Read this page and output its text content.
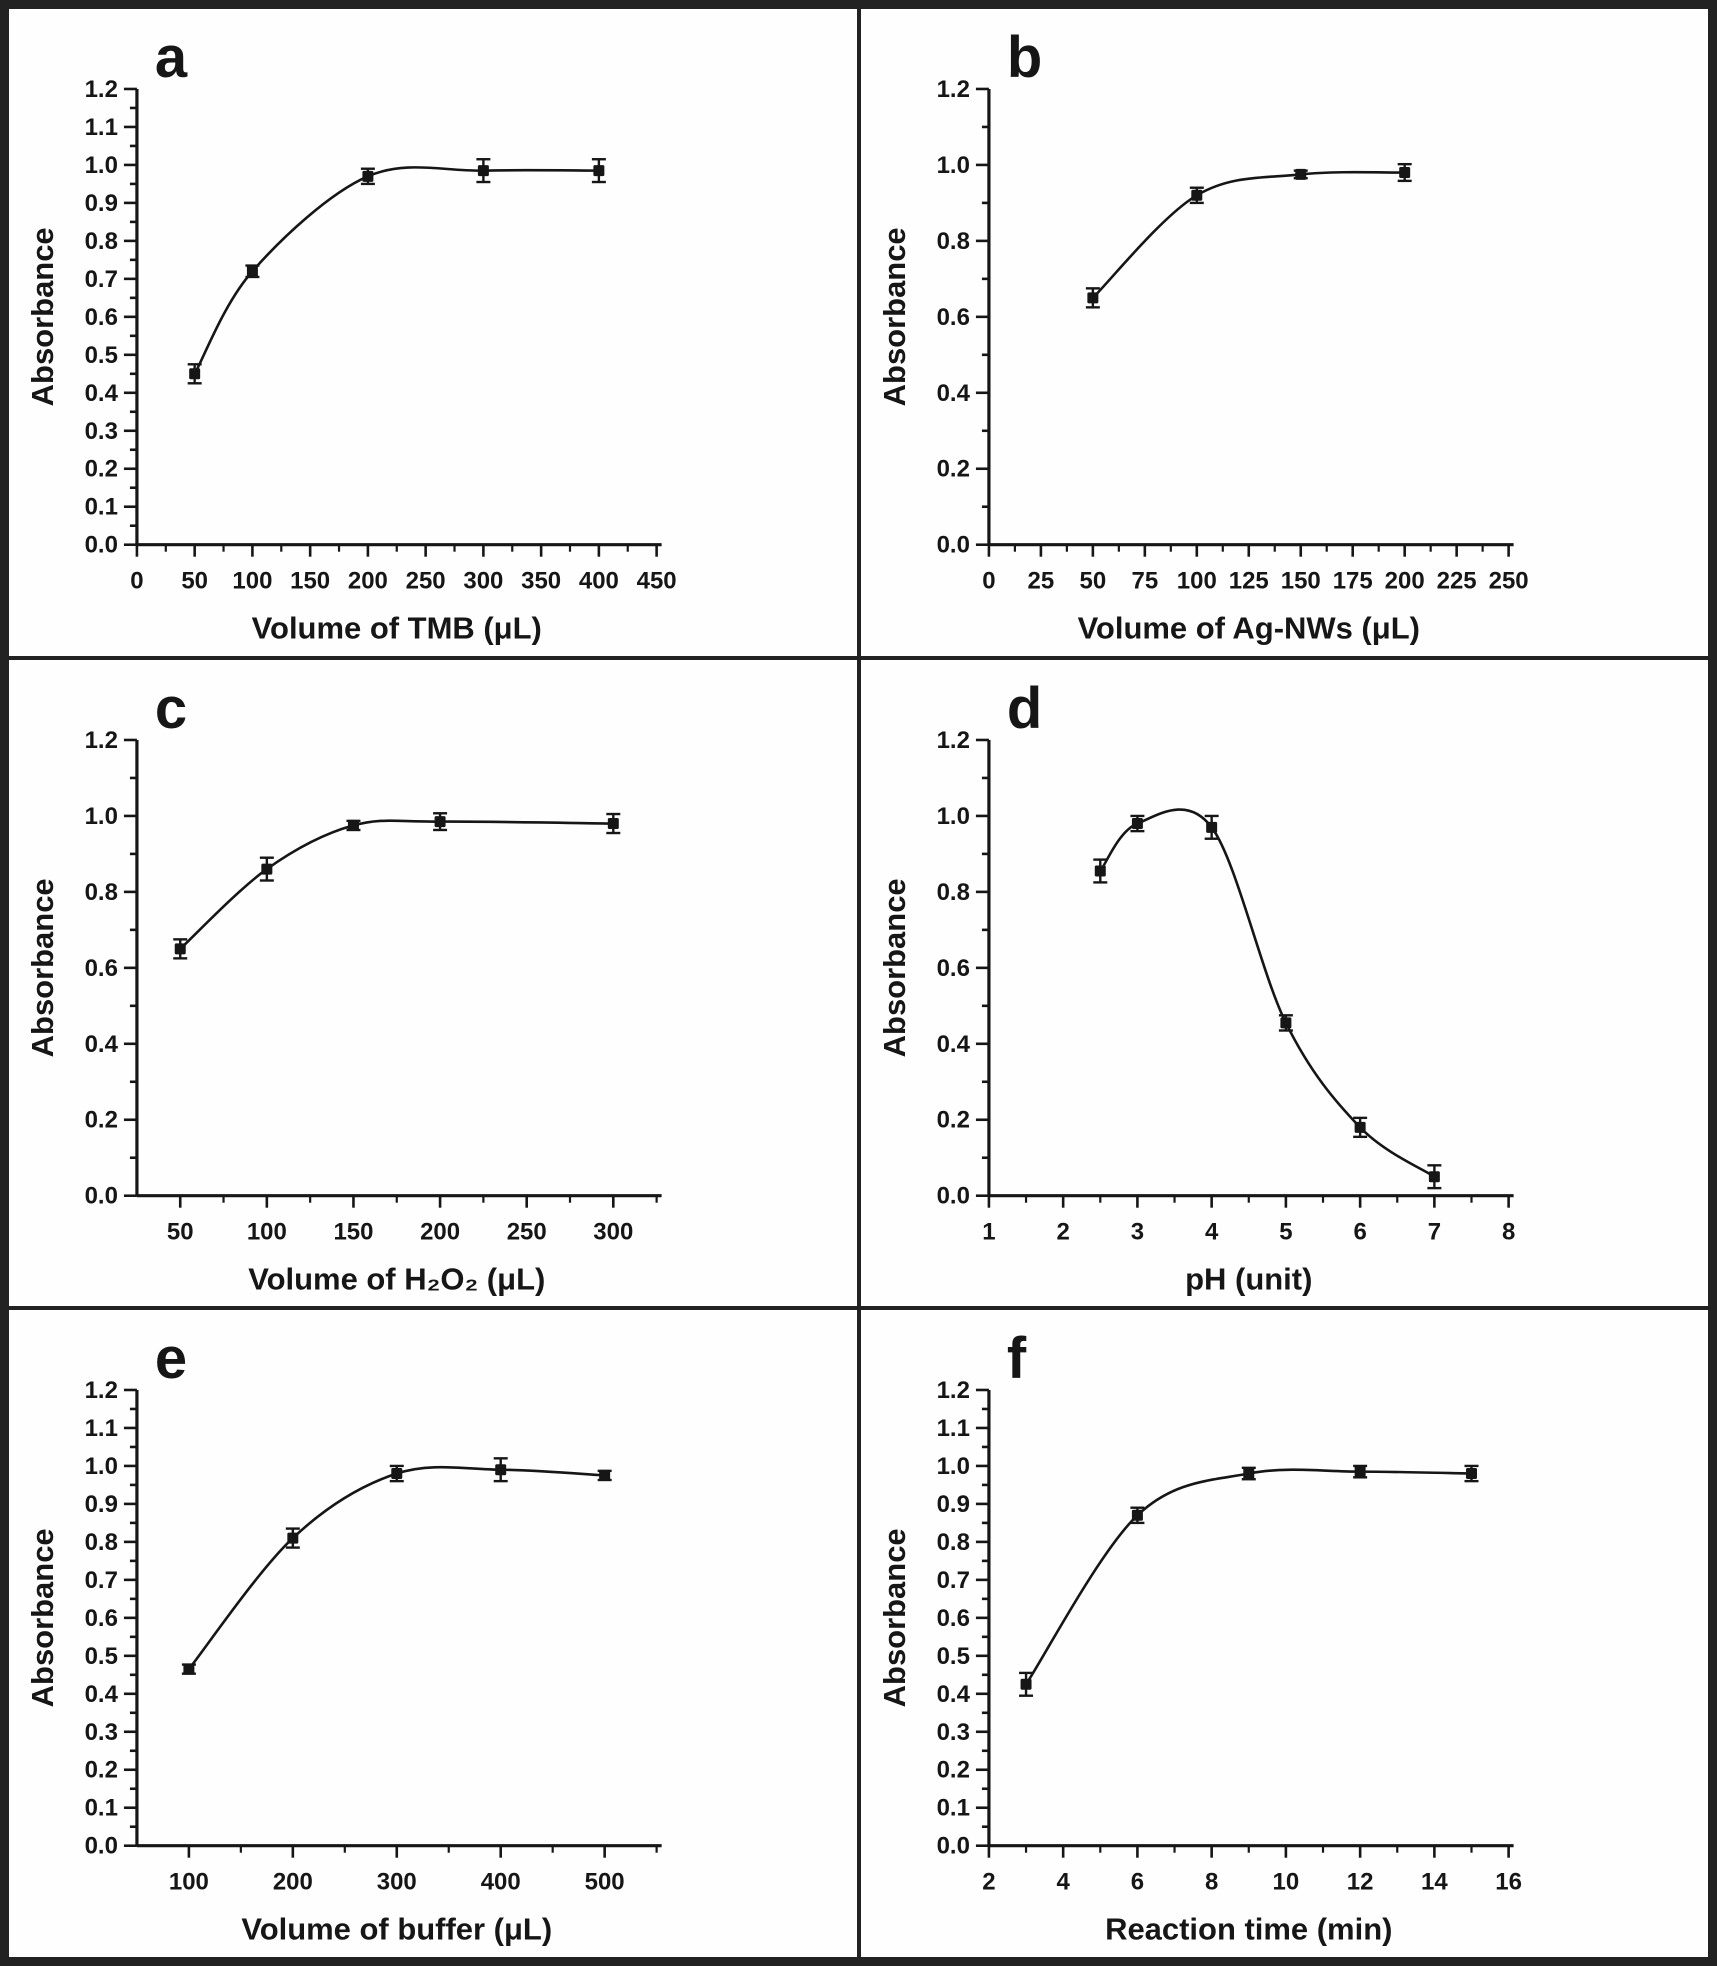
0.0
0.1
0.2
0.3
0.4
0.5
0.6
0.7
0.8
0.9
1.0
1.1
1.2
0 50 100 150 200 250 300 350 400 450
a
Absorbance
Volume of TMB (μL)
0.0
0.2
0.4
0.6
0.8
1.0
1.2
0 25 50 75 100 125 150 175 200 225 250
b
Absorbance
Volume of Ag-NWs (μL)
0.0
0.2
0.4
0.6
0.8
1.0
1.2
50 100 150 200 250 300
c
Absorbance
Volume of H₂O₂ (μL)
0.0
0.2
0.4
0.6
0.8
1.0
1.2
1	2	3	4	5	6	7	8
d
Absorbance
pH (unit)
0.0
0.1
0.2
0.3
0.4
0.5
0.6
0.7
0.8
0.9
1.0
1.1
1.2
100	200	300	400	500
e
Absorbance
Volume of buffer (μL)
0.0
0.1
0.2
0.3
0.4
0.5
0.6
0.7
0.8
0.9
1.0
1.1
1.2
2	4	6	8 10 12 14 16
f
Absorbance
Reaction time (min)
